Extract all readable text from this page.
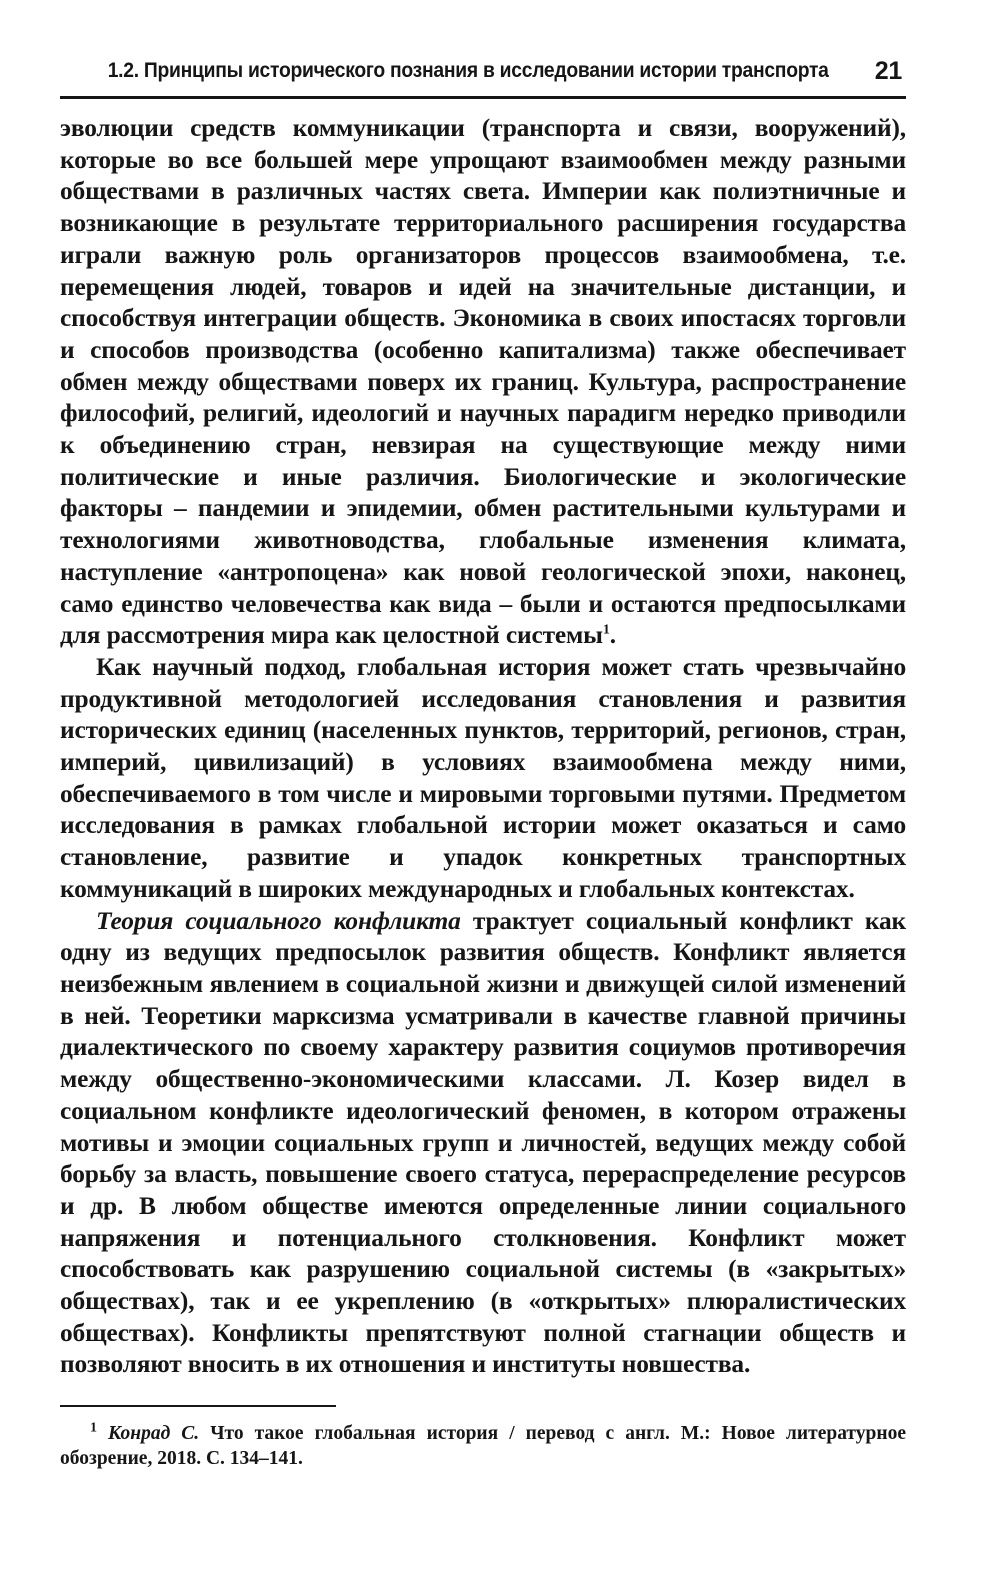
1.2. Принципы исторического познания в исследовании истории транспорта 21

эволюции средств коммуникации (транспорта и связи, вооружений), которые во все большей мере упрощают взаимообмен между разными обществами в различных частях света. Империи как полиэтничные и возникающие в результате территориального расширения государства играли важную роль организаторов процессов взаимообмена, т.е. перемещения людей, товаров и идей на значительные дистанции, и способствуя интеграции обществ. Экономика в своих ипостасях торговли и способов производства (особенно капитализма) также обеспечивает обмен между обществами поверх их границ. Культура, распространение философий, религий, идеологий и научных парадигм нередко приводили к объединению стран, невзирая на существующие между ними политические и иные различия. Биологические и экологические факторы – пандемии и эпидемии, обмен растительными культурами и технологиями животноводства, глобальные изменения климата, наступление «антропоцена» как новой геологической эпохи, наконец, само единство человечества как вида – были и остаются предпосылками для рассмотрения мира как целостной системы$^1$.

Как научный подход, глобальная история может стать чрезвычайно продуктивной методологией исследования становления и развития исторических единиц (населенных пунктов, территорий, регионов, стран, империй, цивилизаций) в условиях взаимообмена между ними, обеспечиваемого в том числе и мировыми торговыми путями. Предметом исследования в рамках глобальной истории может оказаться и само становление, развитие и упадок конкретных транспортных коммуникаций в широких международных и глобальных контекстах.

Теория социального конфликта трактует социальный конфликт как одну из ведущих предпосылок развития обществ. Конфликт является неизбежным явлением в социальной жизни и движущей силой изменений в ней. Теоретики марксизма усматривали в качестве главной причины диалектического по своему характеру развития социумов противоречия между общественно-экономическими классами. Л. Козер видел в социальном конфликте идеологический феномен, в котором отражены мотивы и эмоции социальных групп и личностей, ведущих между собой борьбу за власть, повышение своего статуса, перераспределение ресурсов и др. В любом обществе имеются определенные линии социального напряжения и потенциального столкновения. Конфликт может способствовать как разрушению социальной системы (в «закрытых» обществах), так и ее укреплению (в «открытых» плюралистических обществах). Конфликты препятствуют полной стагнации обществ и позволяют вносить в их отношения и институты новшества.

$^1$ Конрад С. Что такое глобальная история / перевод с англ. М.: Новое литературное обозрение, 2018. С. 134–141.
